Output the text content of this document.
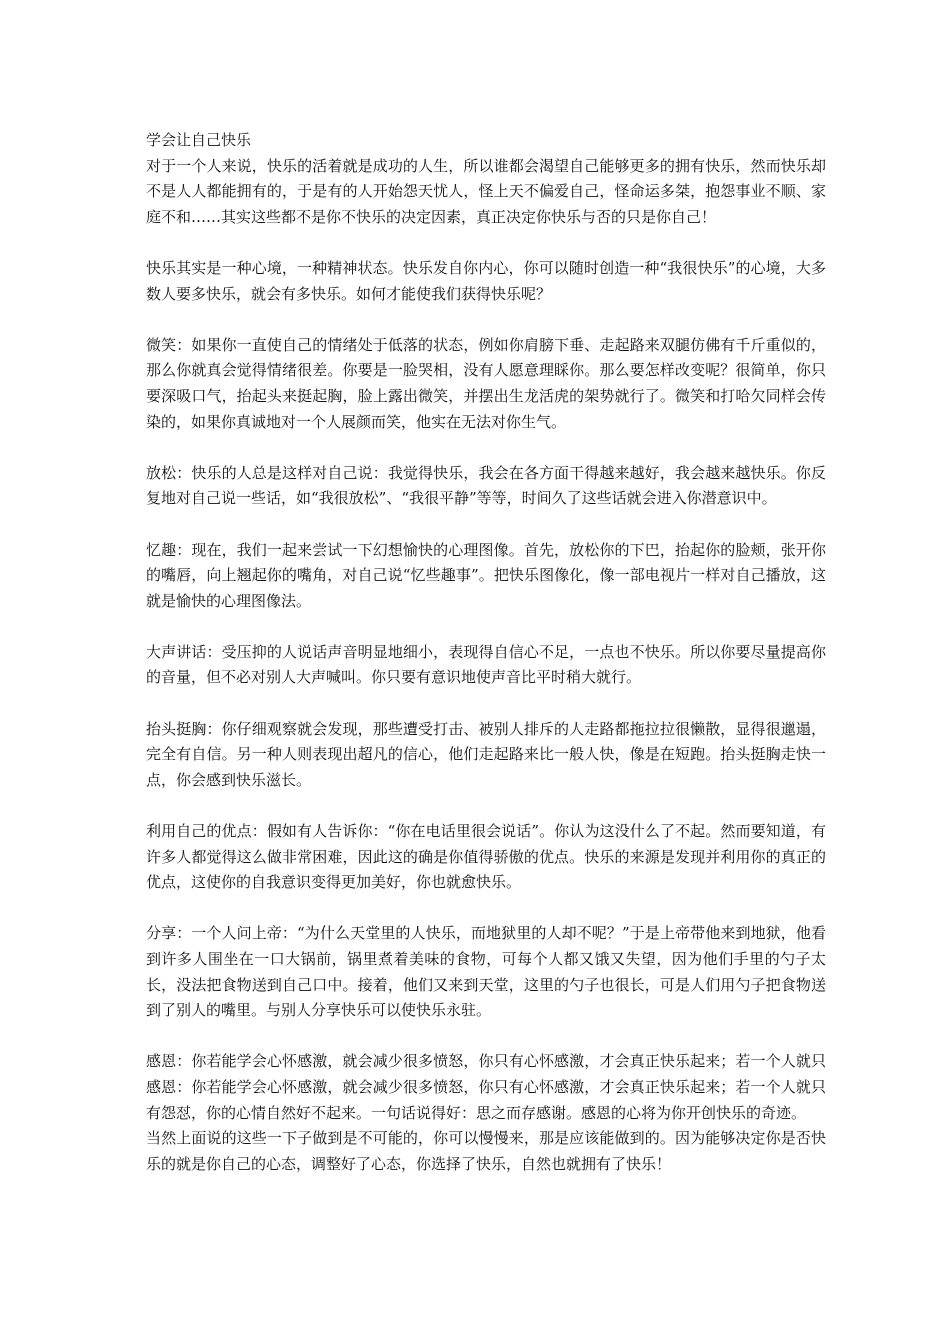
学会让自己快乐

对于一个人来说，快乐的活着就是成功的人生，所以谁都会渴望自己能够更多的拥有快乐，然而快乐却不是人人都能拥有的，于是有的人开始怨天忧人，怪上天不偏爱自己，怪命运多桀，抱怨事业不顺、家庭不和……其实这些都不是你不快乐的决定因素，真正决定你快乐与否的只是你自己！

快乐其实是一种心境，一种精神状态。快乐发自你内心，你可以随时创造一种“我很快乐”的心境，大多数人要多快乐，就会有多快乐。如何才能使我们获得快乐呢？

微笑：如果你一直使自己的情绪处于低落的状态，例如你肩膀下垂、走起路来双腿仿佛有千斤重似的，那么你就真会觉得情绪很差。你要是一脸哭相，没有人愿意理睬你。那么要怎样改变呢？很简单，你只要深吸口气，抬起头来挺起胸，脸上露出微笑，并摆出生龙活虎的架势就行了。微笑和打哈欠同样会传染的，如果你真诚地对一个人展颜而笑，他实在无法对你生气。

放松：快乐的人总是这样对自己说：我觉得快乐，我会在各方面干得越来越好，我会越来越快乐。你反复地对自己说一些话，如“我很放松”、“我很平静”等等，时间久了这些话就会进入你潜意识中。

忆趣：现在，我们一起来尝试一下幻想愉快的心理图像。首先，放松你的下巴，抬起你的脸颊，张开你的嘴唇，向上翘起你的嘴角，对自己说“忆些趣事”。把快乐图像化，像一部电视片一样对自己播放，这就是愉快的心理图像法。

大声讲话：受压抑的人说话声音明显地细小，表现得自信心不足，一点也不快乐。所以你要尽量提高你的音量，但不必对别人大声喊叫。你只要有意识地使声音比平时稍大就行。

抬头挺胸：你仔细观察就会发现，那些遭受打击、被别人排斥的人走路都拖拉拉很懒散，显得很邋遢，完全有自信。另一种人则表现出超凡的信心，他们走起路来比一般人快，像是在短跑。抬头挺胸走快一点，你会感到快乐滋长。

利用自己的优点：假如有人告诉你：“你在电话里很会说话”。你认为这没什么了不起。然而要知道，有许多人都觉得这么做非常困难，因此这的确是你值得骄傲的优点。快乐的来源是发现并利用你的真正的优点，这使你的自我意识变得更加美好，你也就愈快乐。

分享：一个人问上帝：“为什么天堂里的人快乐，而地狱里的人却不呢？”于是上帝带他来到地狱，他看到许多人围坐在一口大锅前，锅里煮着美味的食物，可每个人都又饿又失望，因为他们手里的勺子太长，没法把食物送到自己口中。接着，他们又来到天堂，这里的勺子也很长，可是人们用勺子把食物送到了别人的嘴里。与别人分享快乐可以使快乐永驻。

感恩：你若能学会心怀感激，就会减少很多愤怒，你只有心怀感激，才会真正快乐起来；若一个人就只感恩：你若能学会心怀感激，就会减少很多愤怒，你只有心怀感激，才会真正快乐起来；若一个人就只有怨怼，你的心情自然好不起来。一句话说得好：思之而存感谢。感恩的心将为你开创快乐的奇迹。

当然上面说的这些一下子做到是不可能的，你可以慢慢来，那是应该能做到的。因为能够决定你是否快乐的就是你自己的心态，调整好了心态，你选择了快乐，自然也就拥有了快乐！
